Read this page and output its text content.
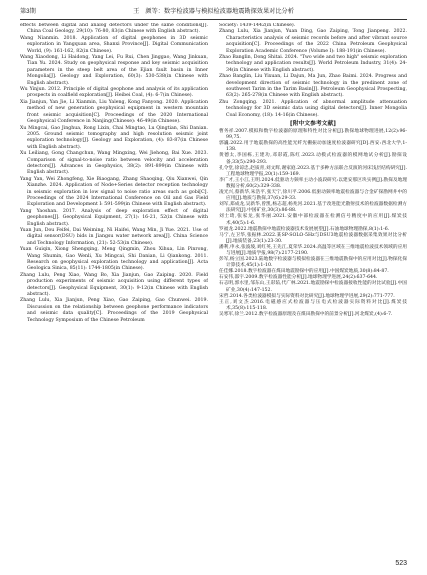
第3期	王　颜等：数字检波器与模拟检波器地震勘探效果对比分析

effects between digital and analog detectors under the same conditions[J]. China Coal Geology, 29(10): 76-80, 83(in Chinese with English abstract).

Wang Nianmin. 2018. Application of digital geophones in 3D seismic exploration in Yangquan area, Shanxi Province[J]. Digital Communication World, (9): 161-162, 82(in Chinese).

Wang Xiaodong, Li Haidong, Yang Lei, Fu Rui, Chen Jinggao, Wang Jinkuan, Tian Yu. 2024. Study on geophysical response and key seismic acquisition parameters in the steep belt area of the Ejian fault basin in Inner Mongolia[J]. Geology and Exploration, 60(3): 530-538(in Chinese with English abstract).

Wu Yinjun. 2012. Principle of digital geophone and analysis of its application prospects in coalfield exploration[J]. Heibei Coal, (4): 6-7(in Chinese).

Xia Jianjun, Yan Jie, Li Xianmin, Liu Yaleng, Kong Fanyong. 2020. Application method of new generation geophysical equipment in western mountain front seismic acquisition[C]. Proceedings of the 2020 International Geophysical Conference in Nanjing(Chinese): 46-49(in Chinese).

Xu Mingcai, Gao Jinghua, Rong Lixin, Chai Mingtao, Lu Qingtian, Shi Danian. 2005. Ground seismic tomography and high resolution seismic joint exploration technology[J]. Geology and Exploration, (4): 83-87(in Chinese with English abstract).

Xu Leiliang, Gong Changchun, Wang Mingxing, Wei Jiehong, Bai Xue. 2023. Comparison of signal-to-noise ratio between velocity and acceleration detectors[J]. Advances in Geophysics, 38(2): 891-899(in Chinese with English abstract).

Yang Yan, Wei Zhongfeng, Xie Biaogang, Zhang Shaoqing, Qiu Xianwei, Qin Xianzhe. 2024. Application of Node+Series detector reception technology in seismic exploration in low signal to noise ratio areas such as gobi[C]. Proceedings of the 2024 International Conference on Oil and Gas Field Exploration and Development I: 591-599(in Chinese with English abstract).

Yang Yaoshan. 2017. Analysis of deep exploration effect of digital geophones[J]. Geophysical Equipment, 27(1): 16-21, 52(in Chinese with English abstract).

Yuan Jun, Dou Feifei, Dai Weiming, Ni Haifei, Wang Min, Ji Yue. 2021. Use of digital sensor(DSU) bids in Jiangsu water network area[J]. China Science and Technology Information, (21): 52-53(in Chinese).

Yuan Guiqin, Xiong Shengqing, Meng Qingmin, Zhou Xihua, Lin Pinrong, Wang Shumin, Gao Wenli, Xu Mingcai, Shi Danian, Li Qiankong. 2011. Research on geophysical exploration technology and application[J]. Acta Geologica Sinica, 85(11): 1744-1805(in Chinese).

Zhang Lulu, Peng Xiao, Wang Bo, Xia Jianjun, Gao Zaiping. 2020. Field production experiments of seismic acquisition using different types of detectors[J]. Geophysical Equipment, 30(1): 9-12(in Chinese with English abstract).

Zhang Lulu, Xia Jianjun, Peng Xiao, Gao Zaiping, Gao Chunwei. 2019. Discussion on the relationship between geophone performance indicators and seismic data quality[C]. Proceedings of the 2019 Geophysical Technology Symposium of the Chinese Petroleum

Society: 1439-1442(in Chinese).

Zhang Lulu, Xia Jianjun, Yuan Ding, Gao Zaiping, Tong Jianpeng. 2022. Characteristics analysis of seismic records before and after vibrant source acquisition[C]. Proceedings of the 2022 China Petroleum Geophysical Exploration Academic Conference (Volume I): 188-191(in Chinese).

Zhao Banglin, Dong Shitai. 2024. "Two wide and two high" seismic exploration technology and application results[J]. World Petroleum Industry, 31(4): 24-34(in Chinese with English abstract).

Zhao Banglin, Liu Yixuan, Li Dajun, Ma Jun, Zhao Baimi. 2024. Progress and development direction of seismic technology in the predinent zone of southwest Tarim in the Tarim Basin[J]. Petroleum Geophysical Prospecting, 63(2): 265-278(in Chinese with English abstract).

Zhu Zongqing. 2021. Application of abnormal amplitude attenuation technology for 3D seismic data using digital detectors[J]. Inner Mongolia Coal Economy, (18): 14-16(in Chinese).

[附中文参考文献]

曹务祥.2007.模拟和数字检波器的原理和特性对比分析[J].勘探地球物理进展,12(2):96-99,75.

郭巍.2022.用于地震勘探的高性能光纤光栅振动加速度检波器研究[D].西安:西北大学,1-138.

黄德太,李国栋,王建功,邓彩霞,陈红.2023.动模式检波器的模网地试分析[J].勘探设备,33(5):290-293.

孔令堂,徐谅忠,赵质青,刘文辉,谢家庭.2023.基于多种方法联合反演的河床浅层结构研究[J].工程地球物理学报,20(1):159-169.

李广才,王小江,王明.2024.低驱动力频率主动小波段研究:以建安那区块实例[J].勘探及地理数据分析,60(2):329-338.

凌光兴,蔡新华,朱浩平,张天宁,徐川平.2006.低驱动频率地震检波器与合金矿探勘网井中的应用[J].地质与勘探,37(6):29-33.

刘军,郑成龙,吴新华,曾凯,杨志超,杨兆河.2021.基于改进能光散射技术的检波器数据检测方法研究[J].中国矿业,30(3):86-88.

刘士琦,张家龙,张华丽.2021.安徽中部检波器在检测信号精度中的应用[J].煤炭技术,40(5):1-6.

罗福龙.2022.地震勘探中地震检波器技术发展展望[J].石油地球物理勘探,8(1):1-6.

马宁,左卫华,张振林.2022.某SP-SOLO-5Hz与DSU3地震检波器数据采集效果对比分析[J].地质装备,23(1):23-30.

潘利,申永,张波坡,刘红英,王先江,夏荣华.2024.高温等区域在三维地震检波技术领域的应用与进展[J].地质学报,98(7):2177-2190.

彭军,杨立国.2023.陆地数字检波器与模拟检波器在三维地震勘探中的应用对比[J].物探化探计算技术,45(1):1-10.

任佳娜.2018.数字检波器在煤田地震勘探中的应用[J].中国煤炭地质,30(8):84-87.

石安伟,邵宇.2009.数字检波器性能分析[J].地球物理学进展,24(2):637-644.

石志明,郭水里,邹东山,王彩茹,代广林.2021.地震勘探中检波器接收性能的对比试验[J].中国矿业,30(4):147-152.

宋哲.2014.各类检波器模拟与实际资料对比研究[J].地球物理学进展,29(2):771-777.

王正,刘文杰.2016.电磁感应式检波器与压电式检波器实际资料对比[J].煤炭技术,35(8):115-118.

吴寒军,徐兰.2012.数字检波器原理及在煤田勘探中的前景分析[J].河北煤炭,(4):6-7.

523
